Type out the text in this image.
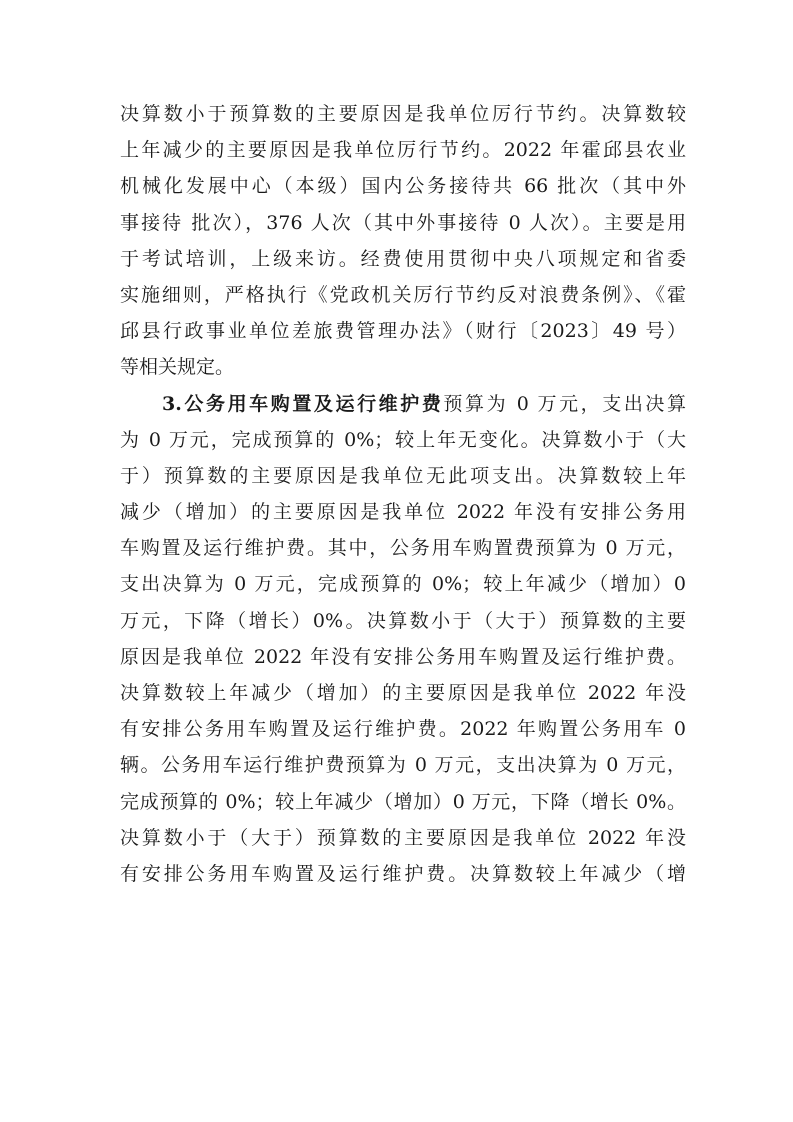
决算数小于预算数的主要原因是我单位厉行节约。决算数较
上年减少的主要原因是我单位厉行节约。2022 年霍邱县农业
机械化发展中心（本级）国内公务接待共 66 批次（其中外
事接待 批次），376 人次（其中外事接待 0 人次）。主要是用
于考试培训，上级来访。经费使用贯彻中央八项规定和省委
实施细则，严格执行《党政机关厉行节约反对浪费条例》、《霍
邱县行政事业单位差旅费管理办法》（财行〔2023〕49 号）
等相关规定。
3.公务用车购置及运行维护费预算为 0 万元，支出决算
为 0 万元，完成预算的 0%；较上年无变化。决算数小于（大
于）预算数的主要原因是我单位无此项支出。决算数较上年
减少（增加）的主要原因是我单位 2022 年没有安排公务用
车购置及运行维护费。其中，公务用车购置费预算为 0 万元，
支出决算为 0 万元，完成预算的 0%；较上年减少（增加）0
万元，下降（增长）0%。决算数小于（大于）预算数的主要
原因是我单位 2022 年没有安排公务用车购置及运行维护费。
决算数较上年减少（增加）的主要原因是我单位 2022 年没
有安排公务用车购置及运行维护费。2022 年购置公务用车 0
辆。公务用车运行维护费预算为 0 万元，支出决算为 0 万元，
完成预算的 0%；较上年减少（增加）0 万元，下降（增长 0%。
决算数小于（大于）预算数的主要原因是我单位 2022 年没
有安排公务用车购置及运行维护费。决算数较上年减少（增
